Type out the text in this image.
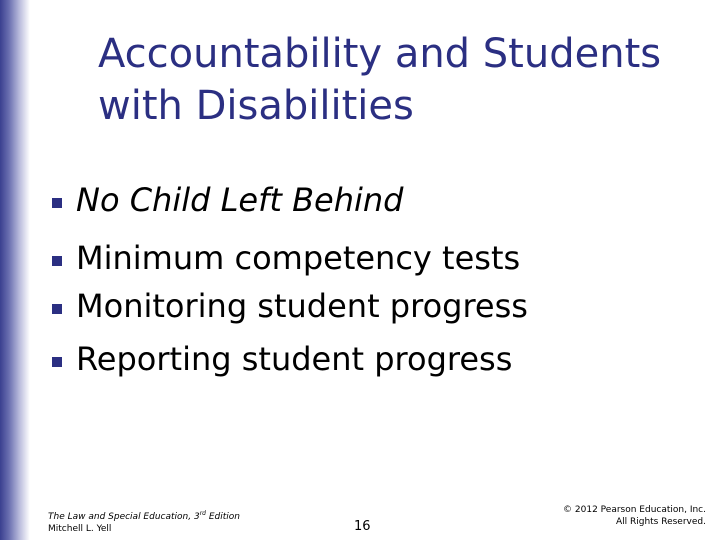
Accountability and Students
with Disabilities
No Child Left Behind
Minimum competency tests
Monitoring student progress
Reporting student progress
The Law and Special Education, 3rd Edition
Mitchell L. Yell	16
© 2012 Pearson Education, Inc.
All Rights Reserved.
